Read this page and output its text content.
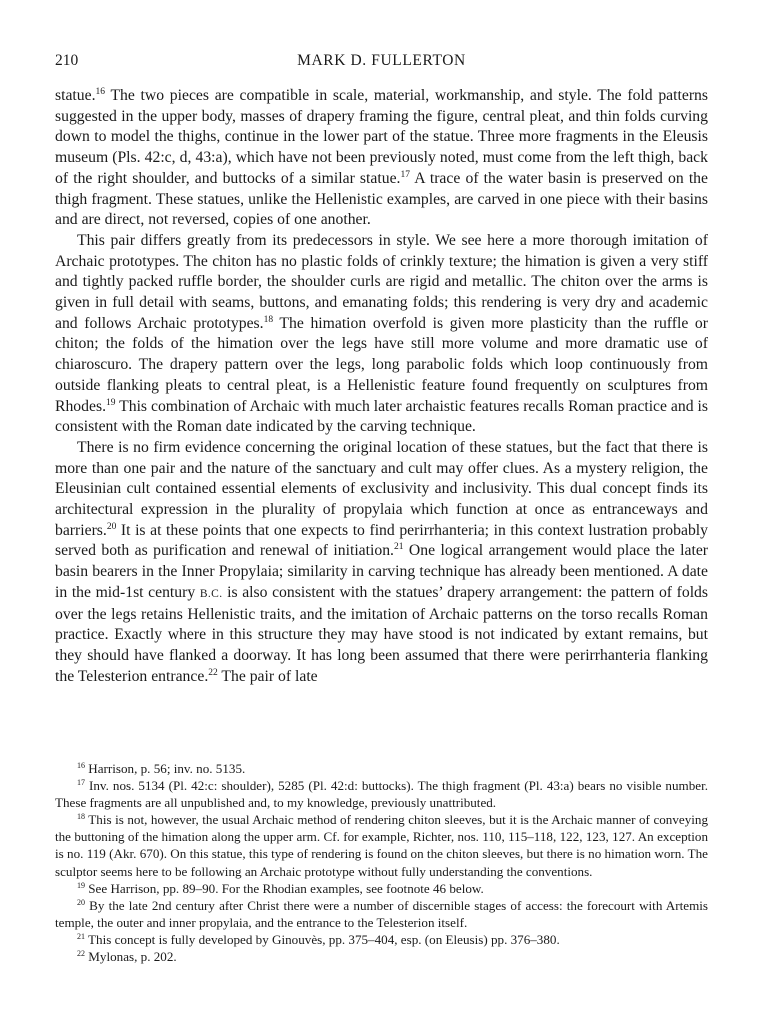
210	MARK D. FULLERTON

statue.$^{16}$ The two pieces are compatible in scale, material, workmanship, and style. The fold patterns suggested in the upper body, masses of drapery framing the figure, central pleat, and thin folds curving down to model the thighs, continue in the lower part of the statue. Three more fragments in the Eleusis museum (Pls. 42:c, d, 43:a), which have not been previously noted, must come from the left thigh, back of the right shoulder, and buttocks of a similar statue.$^{17}$ A trace of the water basin is preserved on the thigh fragment. These statues, unlike the Hellenistic examples, are carved in one piece with their basins and are direct, not reversed, copies of one another.

This pair differs greatly from its predecessors in style. We see here a more thorough imitation of Archaic prototypes. The chiton has no plastic folds of crinkly texture; the himation is given a very stiff and tightly packed ruffle border, the shoulder curls are rigid and metallic. The chiton over the arms is given in full detail with seams, buttons, and emanating folds; this rendering is very dry and academic and follows Archaic prototypes.$^{18}$ The himation overfold is given more plasticity than the ruffle or chiton; the folds of the himation over the legs have still more volume and more dramatic use of chiaroscuro. The drapery pattern over the legs, long parabolic folds which loop continuously from outside flanking pleats to central pleat, is a Hellenistic feature found frequently on sculptures from Rhodes.$^{19}$ This combination of Archaic with much later archaistic features recalls Roman practice and is consistent with the Roman date indicated by the carving technique.

There is no firm evidence concerning the original location of these statues, but the fact that there is more than one pair and the nature of the sanctuary and cult may offer clues. As a mystery religion, the Eleusinian cult contained essential elements of exclusivity and inclusivity. This dual concept finds its architectural expression in the plurality of propylaia which function at once as entranceways and barriers.$^{20}$ It is at these points that one expects to find perirrhanteria; in this context lustration probably served both as purification and renewal of initiation.$^{21}$ One logical arrangement would place the later basin bearers in the Inner Propylaia; similarity in carving technique has already been mentioned. A date in the mid-1st century B.C. is also consistent with the statues’ drapery arrangement: the pattern of folds over the legs retains Hellenistic traits, and the imitation of Archaic patterns on the torso recalls Roman practice. Exactly where in this structure they may have stood is not indicated by extant remains, but they should have flanked a doorway. It has long been assumed that there were perirrhanteria flanking the Telesterion entrance.$^{22}$ The pair of late

$^{16}$ Harrison, p. 56; inv. no. 5135.

$^{17}$ Inv. nos. 5134 (Pl. 42:c: shoulder), 5285 (Pl. 42:d: buttocks). The thigh fragment (Pl. 43:a) bears no visible number. These fragments are all unpublished and, to my knowledge, previously unattributed.

$^{18}$ This is not, however, the usual Archaic method of rendering chiton sleeves, but it is the Archaic manner of conveying the buttoning of the himation along the upper arm. Cf. for example, Richter, nos. 110, 115–118, 122, 123, 127. An exception is no. 119 (Akr. 670). On this statue, this type of rendering is found on the chiton sleeves, but there is no himation worn. The sculptor seems here to be following an Archaic prototype without fully understanding the conventions.

$^{19}$ See Harrison, pp. 89–90. For the Rhodian examples, see footnote 46 below.

$^{20}$ By the late 2nd century after Christ there were a number of discernible stages of access: the forecourt with Artemis temple, the outer and inner propylaia, and the entrance to the Telesterion itself.

$^{21}$ This concept is fully developed by Ginouvès, pp. 375–404, esp. (on Eleusis) pp. 376–380.

$^{22}$ Mylonas, p. 202.
